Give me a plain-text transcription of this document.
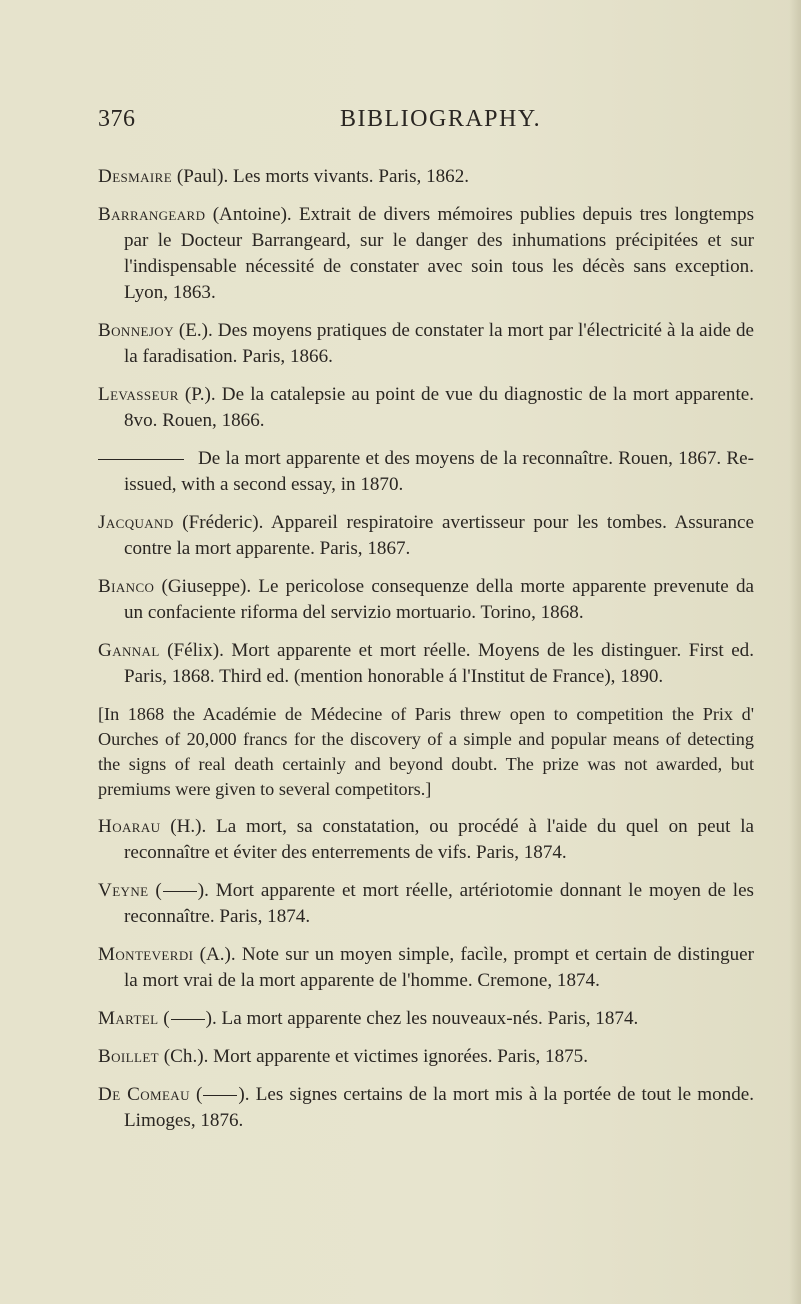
376	BIBLIOGRAPHY.

Desmaire (Paul). Les morts vivants. Paris, 1862.

Barrangeard (Antoine). Extrait de divers mémoires publies depuis tres longtemps par le Docteur Barrangeard, sur le danger des inhumations précipitées et sur l'indispensable nécessité de constater avec soin tous les décès sans exception. Lyon, 1863.

Bonnejoy (E.). Des moyens pratiques de constater la mort par l'électricité à la aide de la faradisation. Paris, 1866.

Levasseur (P.). De la catalepsie au point de vue du diagnostic de la mort apparente. 8vo. Rouen, 1866.

De la mort apparente et des moyens de la reconnaître. Rouen, 1867. Re-issued, with a second essay, in 1870.

Jacquand (Fréderic). Appareil respiratoire avertisseur pour les tombes. Assurance contre la mort apparente. Paris, 1867.

Bianco (Giuseppe). Le pericolose consequenze della morte apparente prevenute da un confaciente riforma del servizio mortuario. Torino, 1868.

Gannal (Félix). Mort apparente et mort réelle. Moyens de les distinguer. First ed. Paris, 1868. Third ed. (mention honorable á l'Institut de France), 1890.

[In 1868 the Académie de Médecine of Paris threw open to competition the Prix d' Ourches of 20,000 francs for the discovery of a simple and popular means of detecting the signs of real death certainly and beyond doubt. The prize was not awarded, but premiums were given to several competitors.]

Hoarau (H.). La mort, sa constatation, ou procédé à l'aide du quel on peut la reconnaître et éviter des enterrements de vifs. Paris, 1874.

Veyne ( ). Mort apparente et mort réelle, artériotomie donnant le moyen de les reconnaître. Paris, 1874.

Monteverdi (A.). Note sur un moyen simple, facìle, prompt et certain de distinguer la mort vrai de la mort apparente de l'homme. Cremone, 1874.

Martel ( ). La mort apparente chez les nouveaux-nés. Paris, 1874.

Boillet (Ch.). Mort apparente et victimes ignorées. Paris, 1875.

De Comeau ( ). Les signes certains de la mort mis à la portée de tout le monde. Limoges, 1876.
